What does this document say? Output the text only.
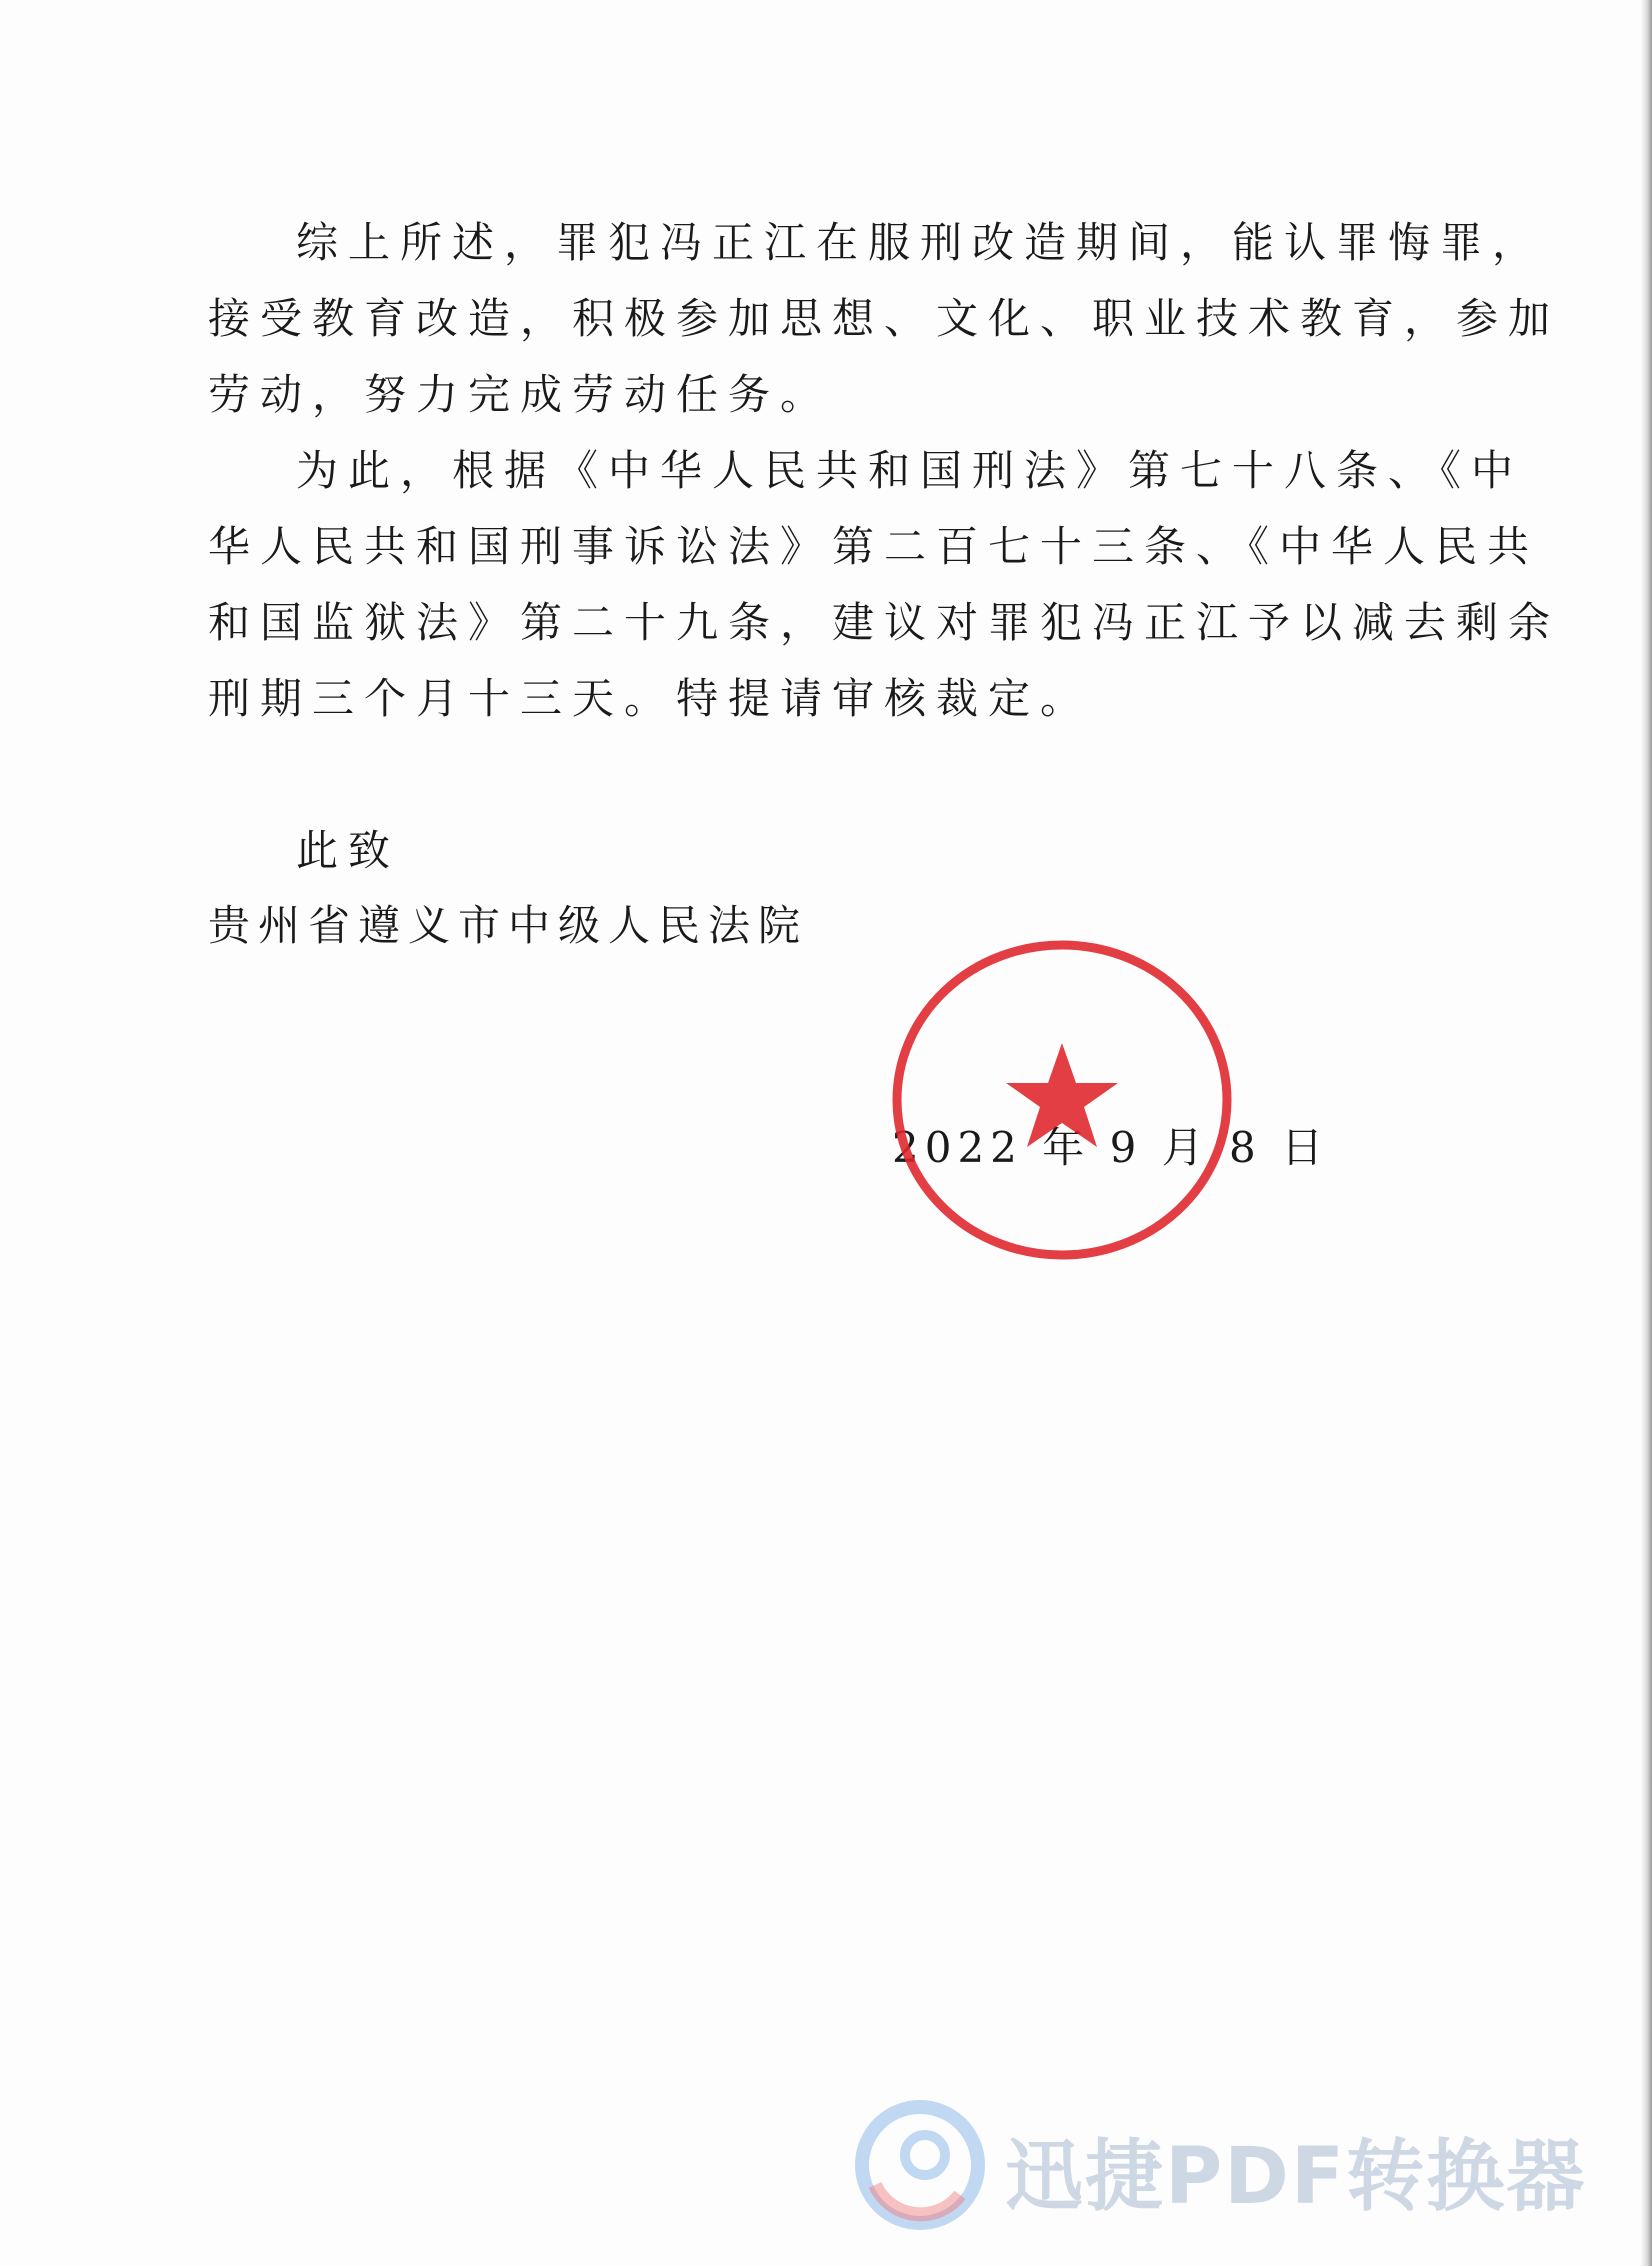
综上所述，罪犯冯正江在服刑改造期间，能认罪悔罪，
接受教育改造，积极参加思想、文化、职业技术教育，参加
劳动，努力完成劳动任务。
为此，根据《中华人民共和国刑法》第七十八条、《中
华人民共和国刑事诉讼法》第二百七十三条、《中华人民共
和国监狱法》第二十九条，建议对罪犯冯正江予以减去剩余
刑期三个月十三天。特提请审核裁定。

此致

贵州省遵义市中级人民法院

2022 年 9 月 8 日

迅捷PDF转换器
